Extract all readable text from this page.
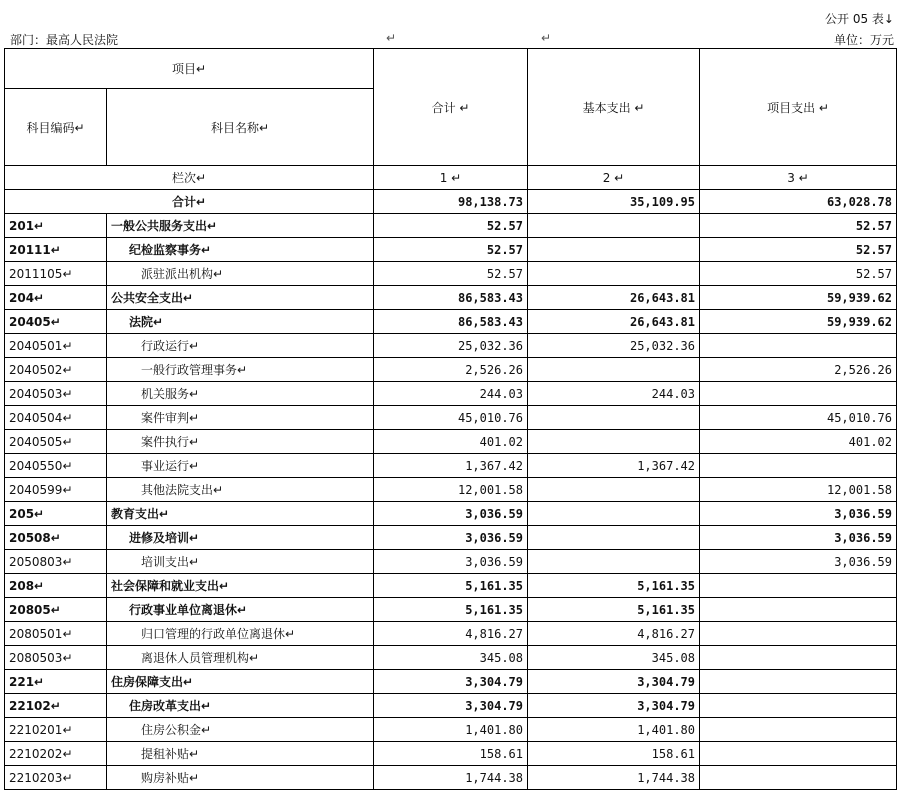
公开 05 表↓
部门：最高人民法院	↵	↵	单位：万元
项目↵		合计 ↵	基本支出 ↵	项目支出 ↵
科目编码↵	科目名称↵			
栏次↵		1 ↵	2 ↵	3 ↵
合计↵		98,138.73	35,109.95	63,028.78
201↵	一般公共服务支出↵	52.57		52.57
20111↵	纪检监察事务↵	52.57		52.57
2011105↵	派驻派出机构↵	52.57		52.57
204↵	公共安全支出↵	86,583.43	26,643.81	59,939.62
20405↵	法院↵	86,583.43	26,643.81	59,939.62
2040501↵	行政运行↵	25,032.36	25,032.36	
2040502↵	一般行政管理事务↵	2,526.26		2,526.26
2040503↵	机关服务↵	244.03	244.03	
2040504↵	案件审判↵	45,010.76		45,010.76
2040505↵	案件执行↵	401.02		401.02
2040550↵	事业运行↵	1,367.42	1,367.42	
2040599↵	其他法院支出↵	12,001.58		12,001.58
205↵	教育支出↵	3,036.59		3,036.59
20508↵	进修及培训↵	3,036.59		3,036.59
2050803↵	培训支出↵	3,036.59		3,036.59
208↵	社会保障和就业支出↵	5,161.35	5,161.35	
20805↵	行政事业单位离退休↵	5,161.35	5,161.35	
2080501↵	归口管理的行政单位离退休↵	4,816.27	4,816.27	
2080503↵	离退休人员管理机构↵	345.08	345.08	
221↵	住房保障支出↵	3,304.79	3,304.79	
22102↵	住房改革支出↵	3,304.79	3,304.79	
2210201↵	住房公积金↵	1,401.80	1,401.80	
2210202↵	提租补贴↵	158.61	158.61	
2210203↵	购房补贴↵	1,744.38	1,744.38	
